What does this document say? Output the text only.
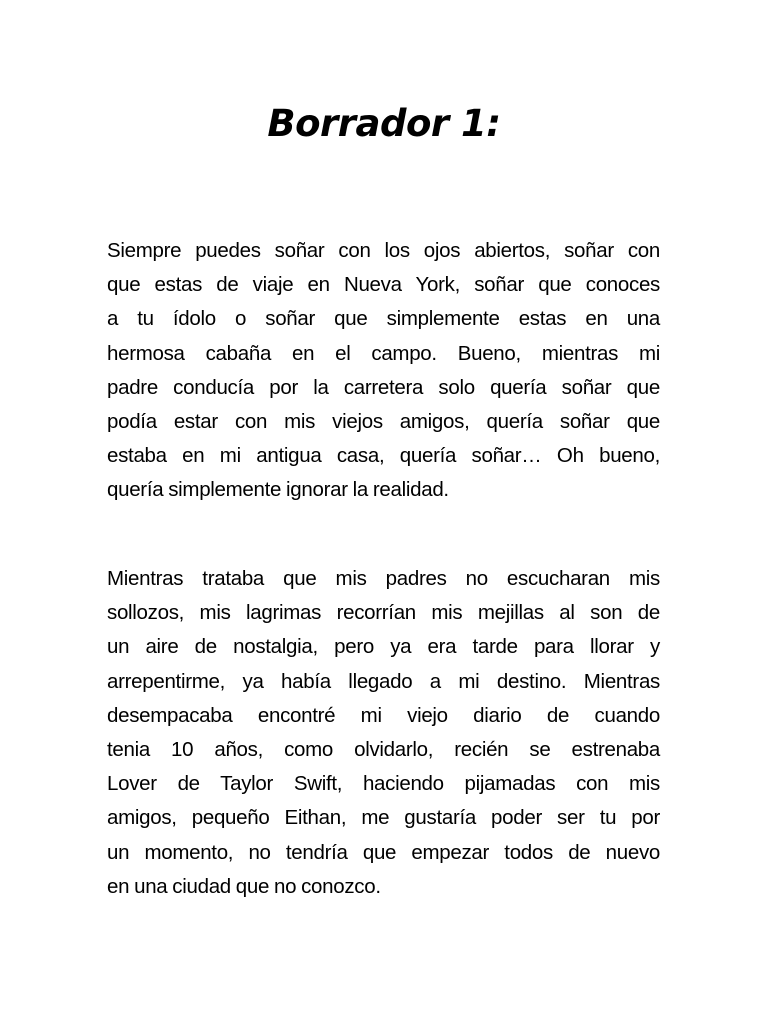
Borrador 1:

Siempre puedes soñar con los ojos abiertos, soñar con
que estas de viaje en Nueva York, soñar que conoces
a tu ídolo o soñar que simplemente estas en una
hermosa cabaña en el campo. Bueno, mientras mi
padre conducía por la carretera solo quería soñar que
podía estar con mis viejos amigos, quería soñar que
estaba en mi antigua casa, quería soñar… Oh bueno,
quería simplemente ignorar la realidad.

Mientras trataba que mis padres no escucharan mis
sollozos, mis lagrimas recorrían mis mejillas al son de
un aire de nostalgia, pero ya era tarde para llorar y
arrepentirme, ya había llegado a mi destino. Mientras
desempacaba encontré mi viejo diario de cuando
tenia 10 años, como olvidarlo, recién se estrenaba
Lover de Taylor Swift, haciendo pijamadas con mis
amigos, pequeño Eithan, me gustaría poder ser tu por
un momento, no tendría que empezar todos de nuevo
en una ciudad que no conozco.
